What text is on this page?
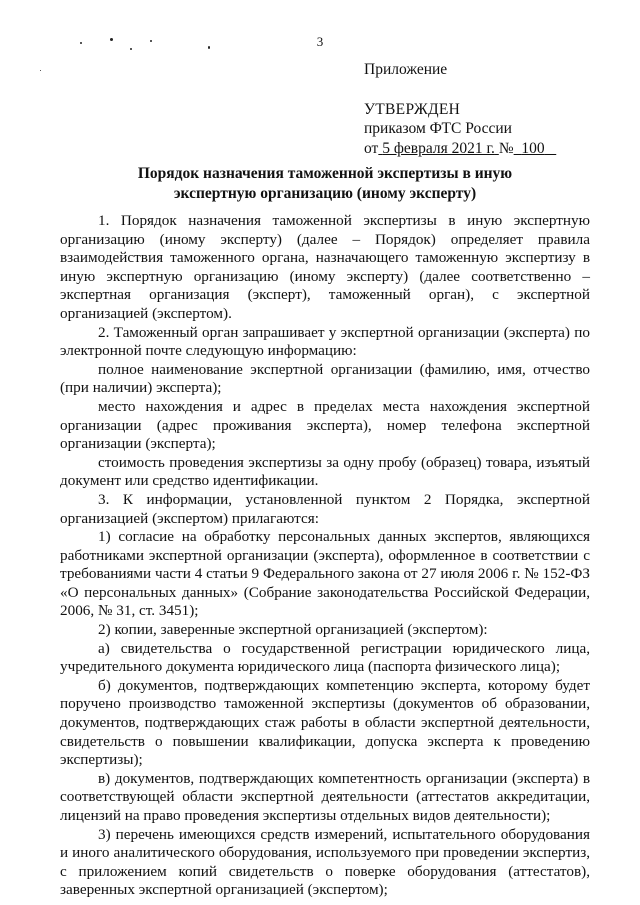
3
Приложение
УТВЕРЖДЕН
приказом ФТС России
от 5 февраля 2021 г. № 100
Порядок назначения таможенной экспертизы в иную
экспертную организацию (иному эксперту)

1. Порядок назначения таможенной экспертизы в иную экспертную организацию (иному эксперту) (далее – Порядок) определяет правила взаимодействия таможенного органа, назначающего таможенную экспертизу в иную экспертную организацию (иному эксперту) (далее соответственно – экспертная организация (эксперт), таможенный орган), с экспертной организацией (экспертом).

2. Таможенный орган запрашивает у экспертной организации (эксперта) по электронной почте следующую информацию:

полное наименование экспертной организации (фамилию, имя, отчество (при наличии) эксперта);

место нахождения и адрес в пределах места нахождения экспертной организации (адрес проживания эксперта), номер телефона экспертной организации (эксперта);

стоимость проведения экспертизы за одну пробу (образец) товара, изъятый документ или средство идентификации.

3. К информации, установленной пунктом 2 Порядка, экспертной организацией (экспертом) прилагаются:

1) согласие на обработку персональных данных экспертов, являющихся работниками экспертной организации (эксперта), оформленное в соответствии с требованиями части 4 статьи 9 Федерального закона от 27 июля 2006 г. № 152-ФЗ «О персональных данных» (Собрание законодательства Российской Федерации, 2006, № 31, ст. 3451);

2) копии, заверенные экспертной организацией (экспертом):

а) свидетельства о государственной регистрации юридического лица, учредительного документа юридического лица (паспорта физического лица);

б) документов, подтверждающих компетенцию эксперта, которому будет поручено производство таможенной экспертизы (документов об образовании, документов, подтверждающих стаж работы в области экспертной деятельности, свидетельств о повышении квалификации, допуска эксперта к проведению экспертизы);

в) документов, подтверждающих компетентность организации (эксперта) в соответствующей области экспертной деятельности (аттестатов аккредитации, лицензий на право проведения экспертизы отдельных видов деятельности);

3) перечень имеющихся средств измерений, испытательного оборудования и иного аналитического оборудования, используемого при проведении экспертиз, с приложением копий свидетельств о поверке оборудования (аттестатов), заверенных экспертной организацией (экспертом);
